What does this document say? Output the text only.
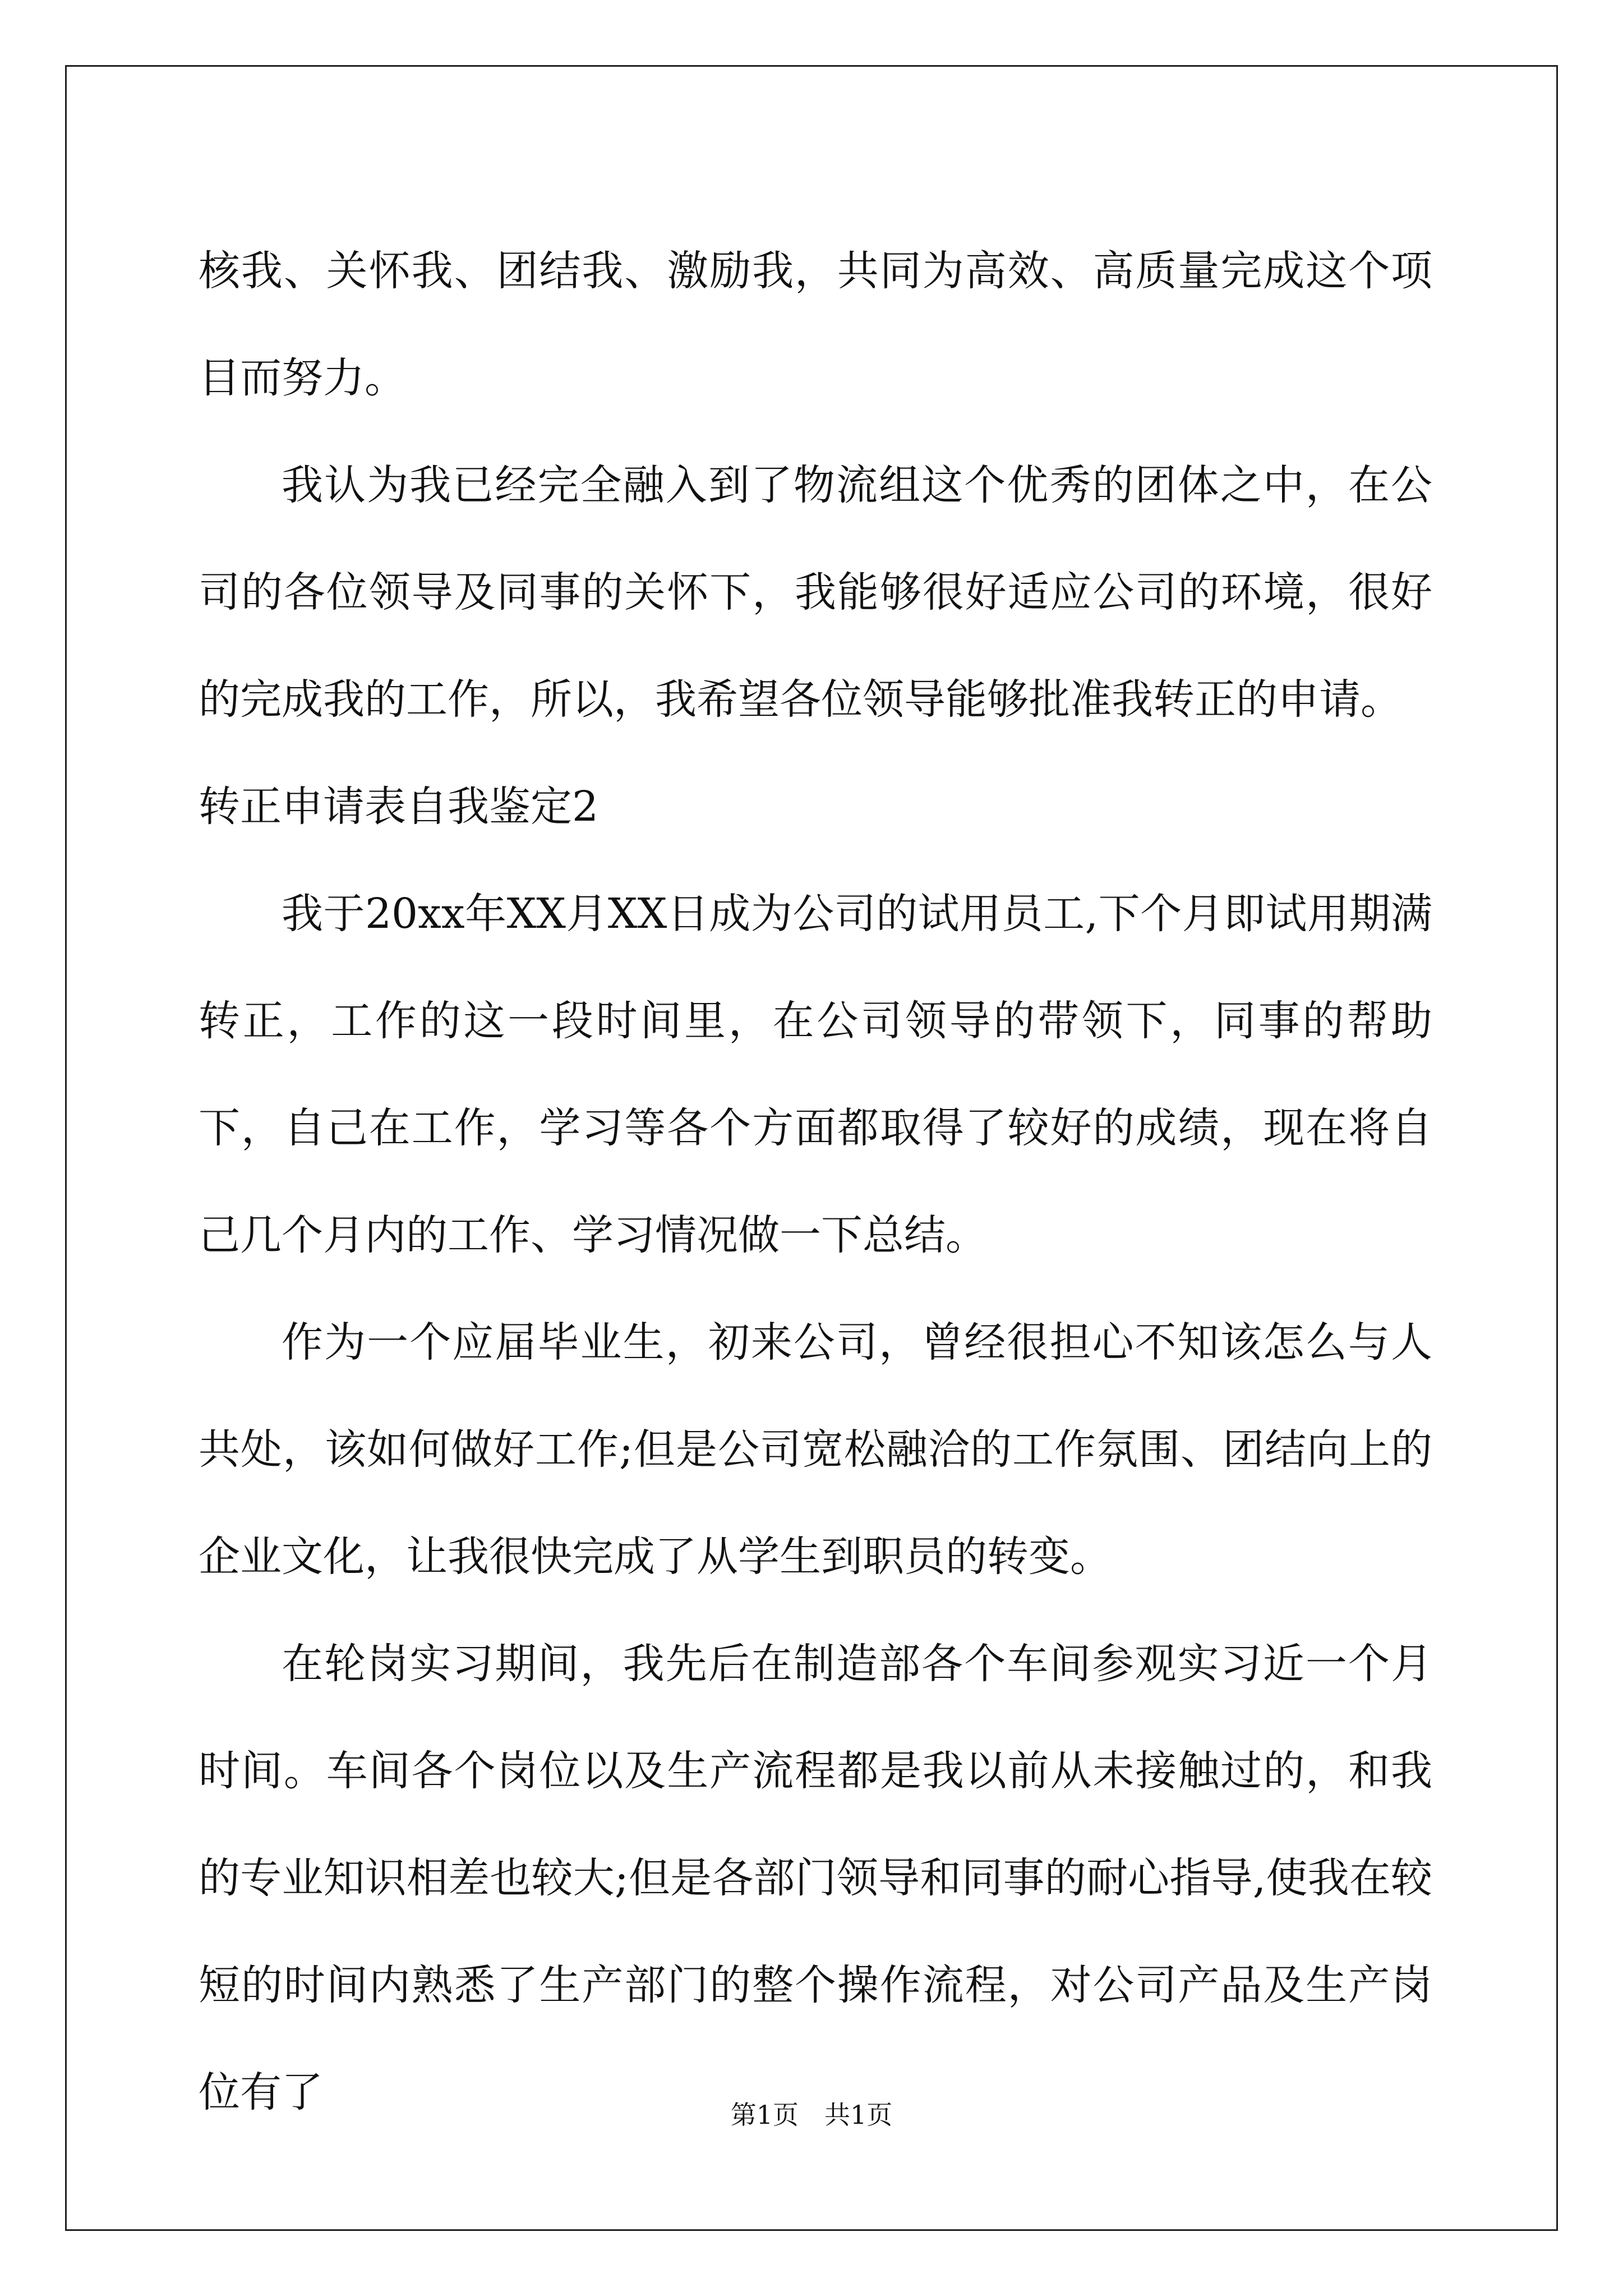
核我、关怀我、团结我、激励我，共同为高效、高质量完成这个项目而努力。

我认为我已经完全融入到了物流组这个优秀的团体之中，在公司的各位领导及同事的关怀下，我能够很好适应公司的环境，很好的完成我的工作，所以，我希望各位领导能够批准我转正的申请。

转正申请表自我鉴定2

我于20xx年XX月XX日成为公司的试用员工,下个月即试用期满转正，工作的这一段时间里，在公司领导的带领下，同事的帮助下，自己在工作，学习等各个方面都取得了较好的成绩，现在将自己几个月内的工作、学习情况做一下总结。

作为一个应届毕业生，初来公司，曾经很担心不知该怎么与人共处，该如何做好工作;但是公司宽松融洽的工作氛围、团结向上的企业文化，让我很快完成了从学生到职员的转变。

在轮岗实习期间，我先后在制造部各个车间参观实习近一个月时间。车间各个岗位以及生产流程都是我以前从未接触过的，和我的专业知识相差也较大;但是各部门领导和同事的耐心指导,使我在较短的时间内熟悉了生产部门的整个操作流程，对公司产品及生产岗位有了	第1页　共1页
